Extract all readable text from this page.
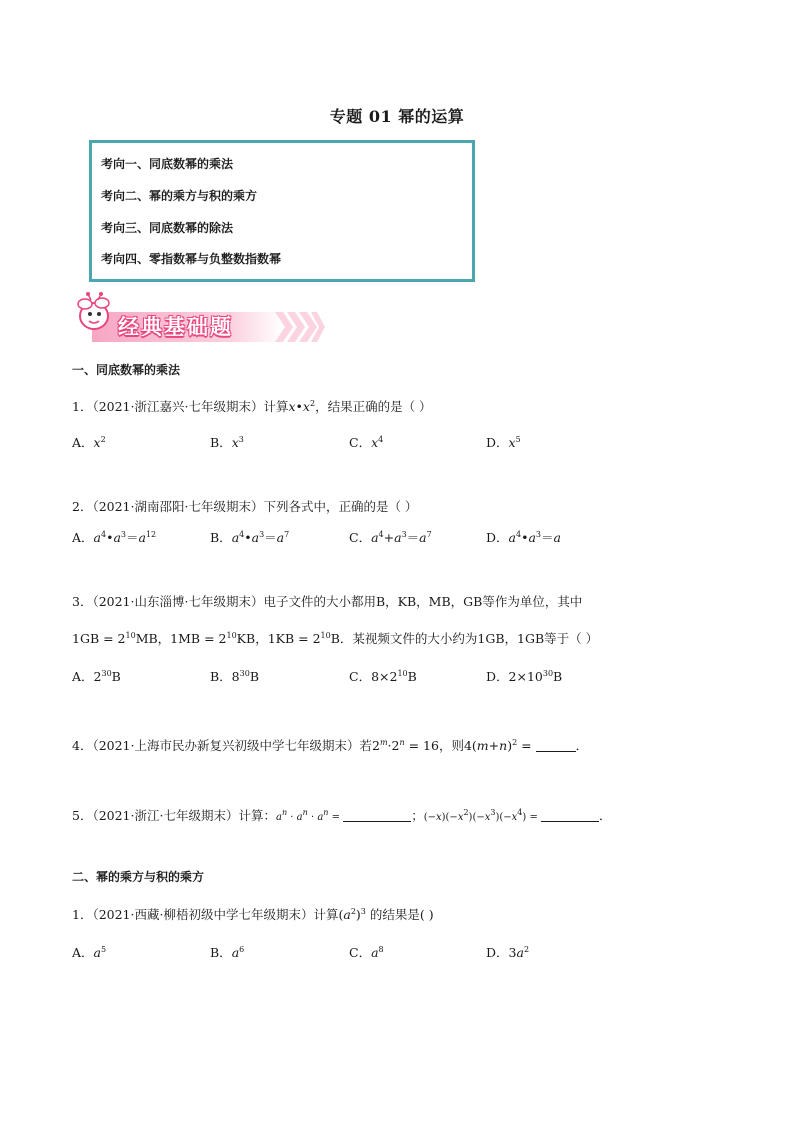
专题 01 幂的运算
考向一、同底数幂的乘法
考向二、幂的乘方与积的乘方
考向三、同底数幂的除法
考向四、零指数幂与负整数指数幂
经典基础题
一、同底数幂的乘法
1．（2021·浙江嘉兴·七年级期末）计算$x•x^2$，结果正确的是（ ）
A．$x^2$	B．$x^3$	C．$x^4$	D．$x^5$
2．（2021·湖南邵阳·七年级期末）下列各式中，正确的是（ ）
A．$a^4•a^3=a^{12}$	B．$a^4•a^3=a^7$	C．$a^4+a^3=a^7$	D．$a^4•a^3=a$
3．（2021·山东淄博·七年级期末）电子文件的大小都用B，KB，MB，GB等作为单位，其中
$1GB = 2^{10}MB$，$1MB = 2^{10}KB$，$1KB = 2^{10}B$．某视频文件的大小约为1GB，1GB等于（ ）
A．$2^{30}B$	B．$8^{30}B$	C．$8\times 2^{10}B$	D．$2\times 10^{30}B$
4．（2021·上海市民办新复兴初级中学七年级期末）若$2^m\cdot 2^n = 16$，则$4(m+n)^2$ =	．
5．（2021·浙江·七年级期末）计算：$a^n \cdot a^n \cdot a^n$ =	；$(-x)(-x^2)(-x^3)(-x^4)$ =	．
二、幂的乘方与积的乘方
1．（2021·西藏·柳梧初级中学七年级期末）计算$(a^2)^3$ 的结果是( )
A．$a^5$	B．$a^6$	C．$a^8$	D．$3a^2$
